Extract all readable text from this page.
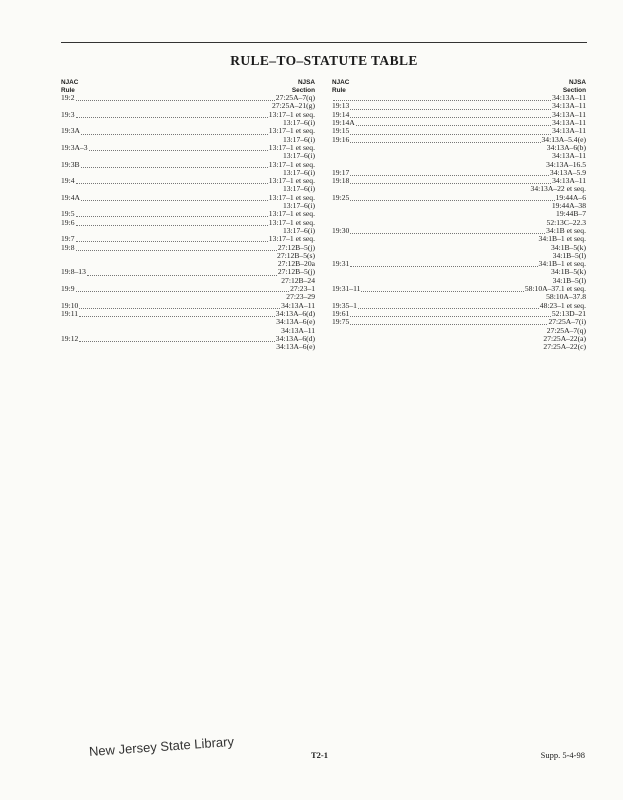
RULE–TO–STATUTE TABLE
NJAC
Rule
NJSA
Section
19:2	27:25A–7(q)
27:25A–21(g)
19:3	13:17–1 et seq.
13:17–6(i)
19:3A	13:17–1 et seq.
13:17–6(i)
19:3A–3	13:17–1 et seq.
13:17–6(i)
19:3B	13:17–1 et seq.
13:17–6(i)
19:4	13:17–1 et seq.
13:17–6(i)
19:4A	13:17–1 et seq.
13:17–6(i)
19:5	13:17–1 et seq.
19:6	13:17–1 et seq.
13:17–6(i)
19:7	13:17–1 et seq.
19:8	27:12B–5(j)
27:12B–5(s)
27:12B–20a
19:8–13	27:12B–5(j)
27:12B–24
19:9	27:23–1
27:23–29
19:10	34:13A–11
19:11	34:13A–6(d)
34:13A–6(e)
34:13A–11
19:12	34:13A–6(d)
34:13A–6(e)
NJAC
Rule
NJSA
Section
34:13A–11
19:13	34:13A–11
19:14	34:13A–11
19:14A	34:13A–11
19:15	34:13A–11
19:16	34:13A–5.4(e)
34:13A–6(b)
34:13A–11
34:13A–16.5
19:17	34:13A–5.9
19:18	34:13A–11
34:13A–22 et seq.
19:25	19:44A–6
19:44A–38
19:44B–7
52:13C–22.3
19:30	34:1B et seq.
34:1B–1 et seq.
34:1B–5(k)
34:1B–5(l)
19:31	34:1B–1 et seq.
34:1B–5(k)
34:1B–5(l)
19:31–11	58:10A–37.1 et seq.
58:10A–37.8
19:35–1	48:23–1 et seq.
19:61	52:13D–21
19:75	27:25A–7(i)
27:25A–7(q)
27:25A–22(a)
27:25A–22(c)
New Jersey State Library	T2-1	Supp. 5-4-98
